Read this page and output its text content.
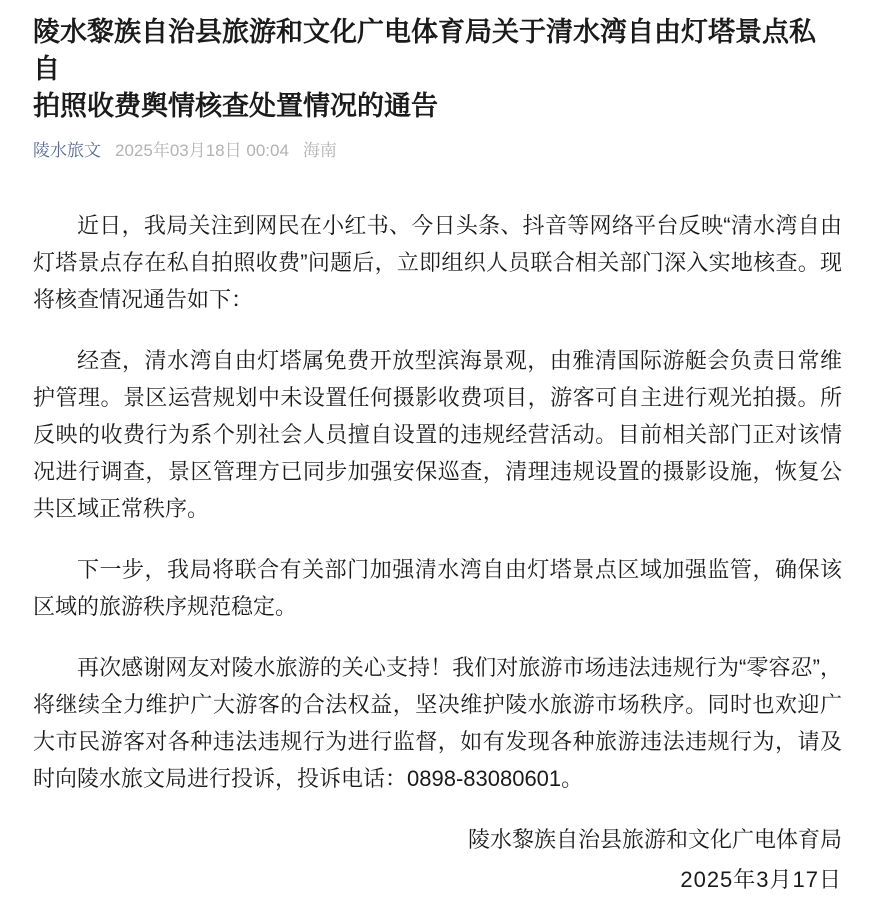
陵水黎族自治县旅游和文化广电体育局关于清水湾自由灯塔景点私自
拍照收费舆情核查处置情况的通告
陵水旅文 2025年03月18日 00:04 海南

近日，我局关注到网民在小红书、今日头条、抖音等网络平台反映“清水湾自由灯塔景点存在私自拍照收费”问题后，立即组织人员联合相关部门深入实地核查。现将核查情况通告如下：

经查，清水湾自由灯塔属免费开放型滨海景观，由雅清国际游艇会负责日常维护管理。景区运营规划中未设置任何摄影收费项目，游客可自主进行观光拍摄。所反映的收费行为系个别社会人员擅自设置的违规经营活动。目前相关部门正对该情况进行调查，景区管理方已同步加强安保巡查，清理违规设置的摄影设施，恢复公共区域正常秩序。

下一步，我局将联合有关部门加强清水湾自由灯塔景点区域加强监管，确保该区域的旅游秩序规范稳定。

再次感谢网友对陵水旅游的关心支持！我们对旅游市场违法违规行为“零容忍”，将继续全力维护广大游客的合法权益，坚决维护陵水旅游市场秩序。同时也欢迎广大市民游客对各种违法违规行为进行监督，如有发现各种旅游违法违规行为，请及时向陵水旅文局进行投诉，投诉电话：0898-83080601。

陵水黎族自治县旅游和文化广电体育局

2025年3月17日
